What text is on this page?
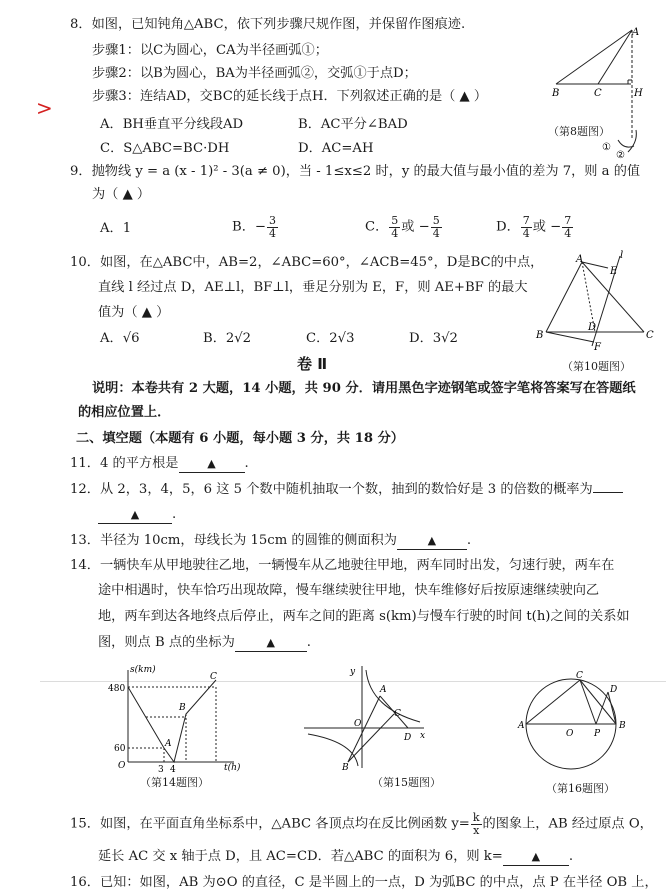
8．如图，已知钝角△ABC，依下列步骤尺规作图，并保留作图痕迹.
步骤1：以C为圆心，CA为半径画弧①；
步骤2：以B为圆心，BA为半径画弧②，交弧①于点D；
步骤3：连结AD，交BC的延长线于点H．下列叙述正确的是（ ▲ ）
>
A．BH垂直平分线段AD	B．AC平分∠BAD
C．S△ABC=BC·DH	D．AC=AH
A
B	C	H
①
②
（第8题图）
9．抛物线 y = a (x - 1)² - 3(a ≠ 0)，当 - 1≤x≤2 时，y 的最大值与最小值的差为 7，则 a 的值
为（ ▲ ）
A．1	B．− $\frac{3}{4}$	C． $\frac{5}{4}$ 或 − $\frac{5}{4}$	D． $\frac{7}{4}$ 或 − $\frac{7}{4}$
10．如图，在△ABC中，AB=2，∠ABC=60°，∠ACB=45°，D是BC的中点，
直线 l 经过点 D，AE⊥l，BF⊥l，垂足分别为 E，F，则 AE+BF 的最大
值为（ ▲ ）
A．√6	B．2√2	C．2√3	D．3√2
A
E
l
B
D
F
C
（第10题图）
卷 Ⅱ
说明：本卷共有 2 大题，14 小题，共 90 分．请用黑色字迹钢笔或签字笔将答案写在答题纸
的相应位置上．
二、填空题（本题有 6 小题，每小题 3 分，共 18 分）
11．4 的平方根是	▲ .
12．从 2，3，4，5，6 这 5 个数中随机抽取一个数，抽到的数恰好是 3 的倍数的概率为
▲ .
13．半径为 10cm，母线长为 15cm 的圆锥的侧面积为	▲ .
14．一辆快车从甲地驶往乙地，一辆慢车从乙地驶往甲地，两车同时出发，匀速行驶，两车在
途中相遇时，快车恰巧出现故障，慢车继续驶往甲地，快车维修好后按原速继续驶向乙
地，两车到达各地终点后停止，两车之间的距离 s(km)与慢车行驶的时间 t(h)之间的关系如
图，则点 B 点的坐标为	▲ .
s(km)
t(h)
480
60
3 4
O
A
B
C
（第14题图）
y
x
O
A
B
C
D
（第15题图）
A	B
C
D
O P
（第16题图）
15．如图，在平面直角坐标系中，△ABC 各顶点均在反比例函数 $y= \frac{k}{x}$ 的图象上，AB 经过原点 O，
延长 AC 交 x 轴于点 D，且 AC=CD．若△ABC 的面积为 6，则 k=	▲ .
16．已知：如图，AB 为⊙O 的直径，C 是半圆上的一点，D 为弧BC 的中点，点 P 在半径 OB 上，
